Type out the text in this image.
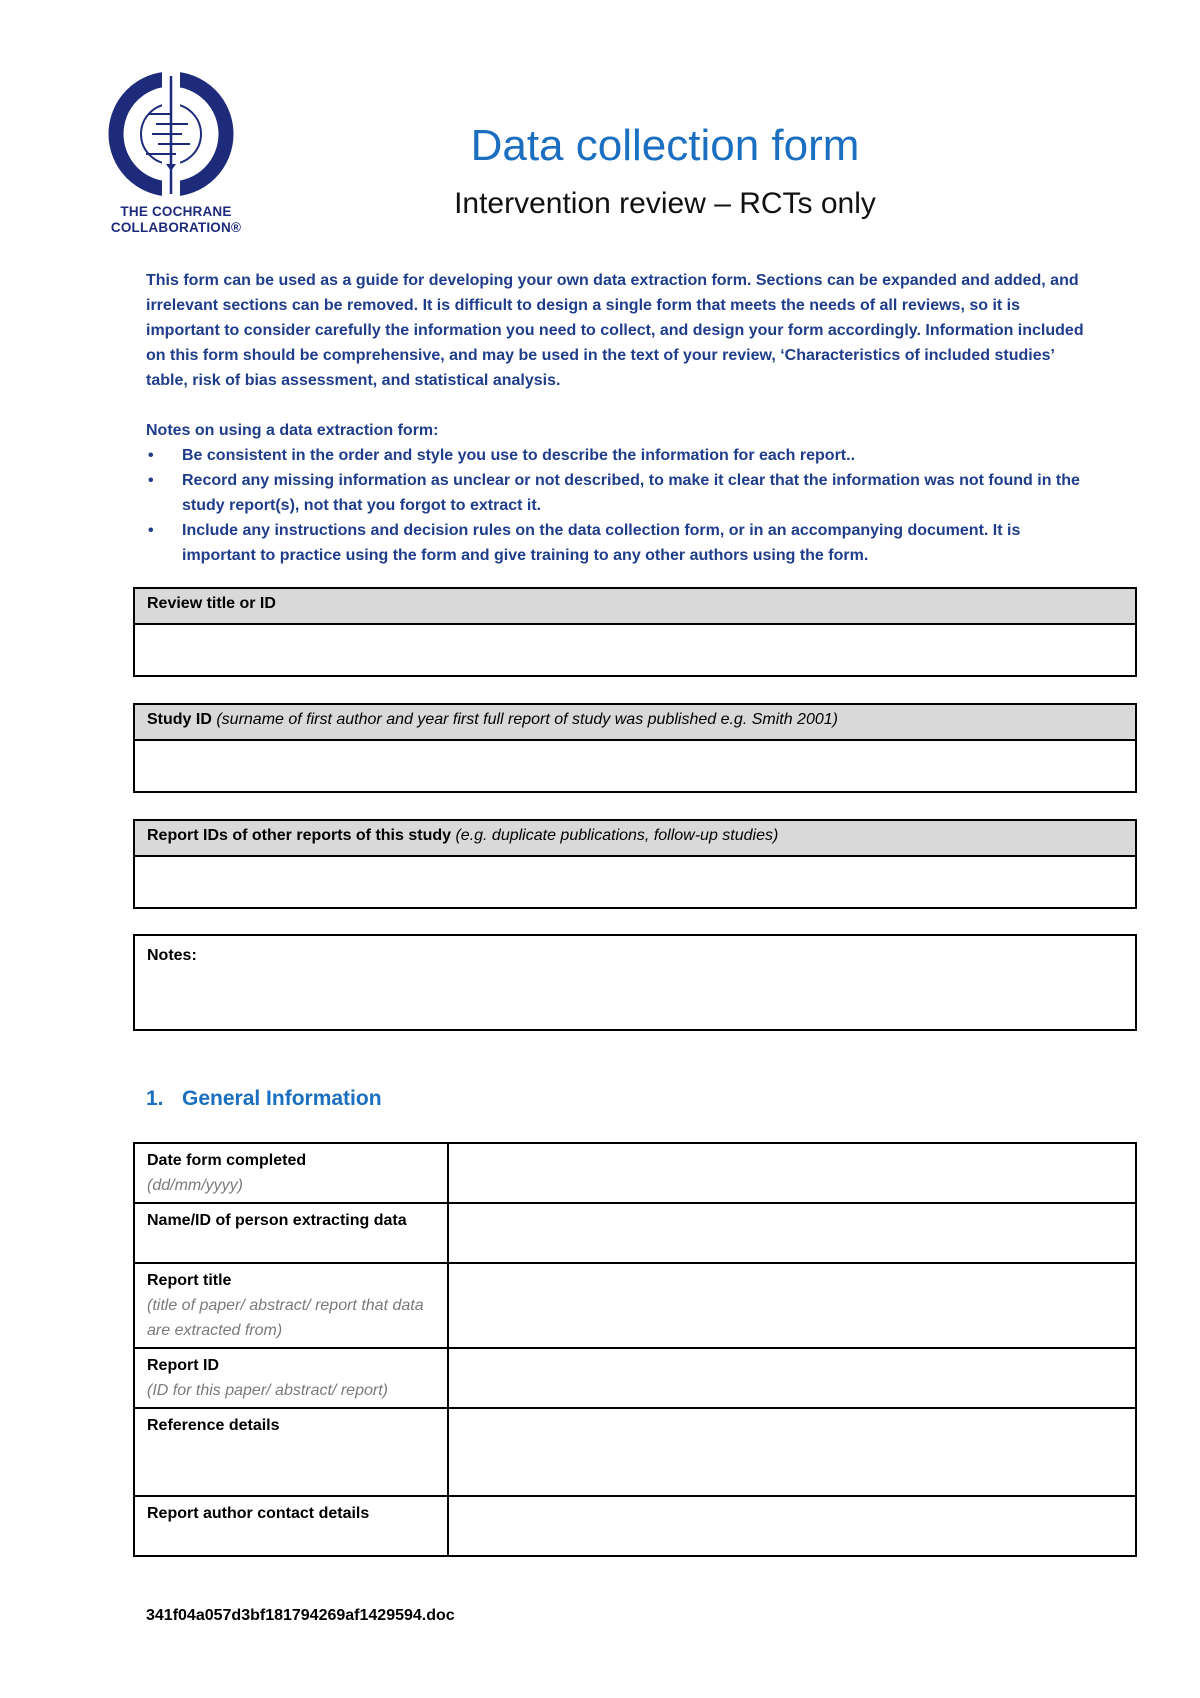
THE COCHRANE
COLLABORATION®
Data collection form
Intervention review – RCTs only
This form can be used as a guide for developing your own data extraction form. Sections can be expanded and added, and irrelevant sections can be removed. It is difficult to design a single form that meets the needs of all reviews, so it is important to consider carefully the information you need to collect, and design your form accordingly. Information included on this form should be comprehensive, and may be used in the text of your review, ‘Characteristics of included studies’ table, risk of bias assessment, and statistical analysis.
Notes on using a data extraction form:
• Be consistent in the order and style you use to describe the information for each report..
• Record any missing information as unclear or not described, to make it clear that the information was not found in the study report(s), not that you forgot to extract it.
• Include any instructions and decision rules on the data collection form, or in an accompanying document. It is important to practice using the form and give training to any other authors using the form.
Review title or ID
Study ID (surname of first author and year first full report of study was published e.g. Smith 2001)
Report IDs of other reports of this study (e.g. duplicate publications, follow-up studies)
Notes:
1. General Information
Date form completed
(dd/mm/yyyy)	

Name/ID of person extracting data	

Report title
(title of paper/ abstract/ report that data are extracted from)	

Report ID
(ID for this paper/ abstract/ report)	

Reference details	

Report author contact details	

341f04a057d3bf181794269af1429594.doc
